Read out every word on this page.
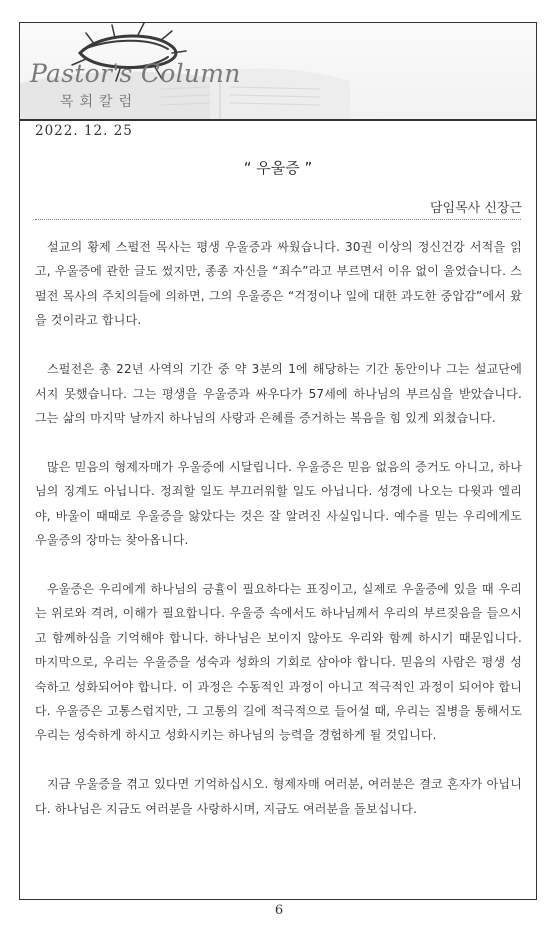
Pastor's Column
목회칼럼
2022. 12. 25
“ 우울증 ”
담임목사 신장근

설교의 황제 스펄전 목사는 평생 우울증과 싸웠습니다. 30권 이상의 정신건강 서적을 읽고, 우울증에 관한 글도 썼지만, 종종 자신을 “죄수”라고 부르면서 이유 없이 울었습니다. 스펄전 목사의 주치의들에 의하면, 그의 우울증은 “걱정이나 일에 대한 과도한 중압감”에서 왔을 것이라고 합니다.

스펄전은 총 22년 사역의 기간 중 약 3분의 1에 해당하는 기간 동안이나 그는 설교단에 서지 못했습니다. 그는 평생을 우울증과 싸우다가 57세에 하나님의 부르심을 받았습니다. 그는 삶의 마지막 날까지 하나님의 사랑과 은혜를 증거하는 복음을 힘 있게 외쳤습니다.

많은 믿음의 형제자매가 우울증에 시달립니다. 우울증은 믿음 없음의 증거도 아니고, 하나님의 징계도 아닙니다. 정죄할 일도 부끄러워할 일도 아닙니다. 성경에 나오는 다윗과 엘리야, 바울이 때때로 우울증을 앓았다는 것은 잘 알려진 사실입니다. 예수를 믿는 우리에게도 우울증의 장마는 찾아옵니다.

우울증은 우리에게 하나님의 긍휼이 필요하다는 표징이고, 실제로 우울증에 있을 때 우리는 위로와 격려, 이해가 필요합니다. 우울증 속에서도 하나님께서 우리의 부르짖음을 들으시고 함께하심을 기억해야 합니다. 하나님은 보이지 않아도 우리와 함께 하시기 때문입니다. 마지막으로, 우리는 우울증을 성숙과 성화의 기회로 삼아야 합니다. 믿음의 사람은 평생 성숙하고 성화되어야 합니다. 이 과정은 수동적인 과정이 아니고 적극적인 과정이 되어야 합니다. 우울증은 고통스럽지만, 그 고통의 길에 적극적으로 들어설 때, 우리는 질병을 통해서도 우리는 성숙하게 하시고 성화시키는 하나님의 능력을 경험하게 될 것입니다.

지금 우울증을 겪고 있다면 기억하십시오. 형제자매 여러분, 여러분은 결코 혼자가 아닙니다. 하나님은 지금도 여러분을 사랑하시며, 지금도 여러분을 돌보십니다.

6
